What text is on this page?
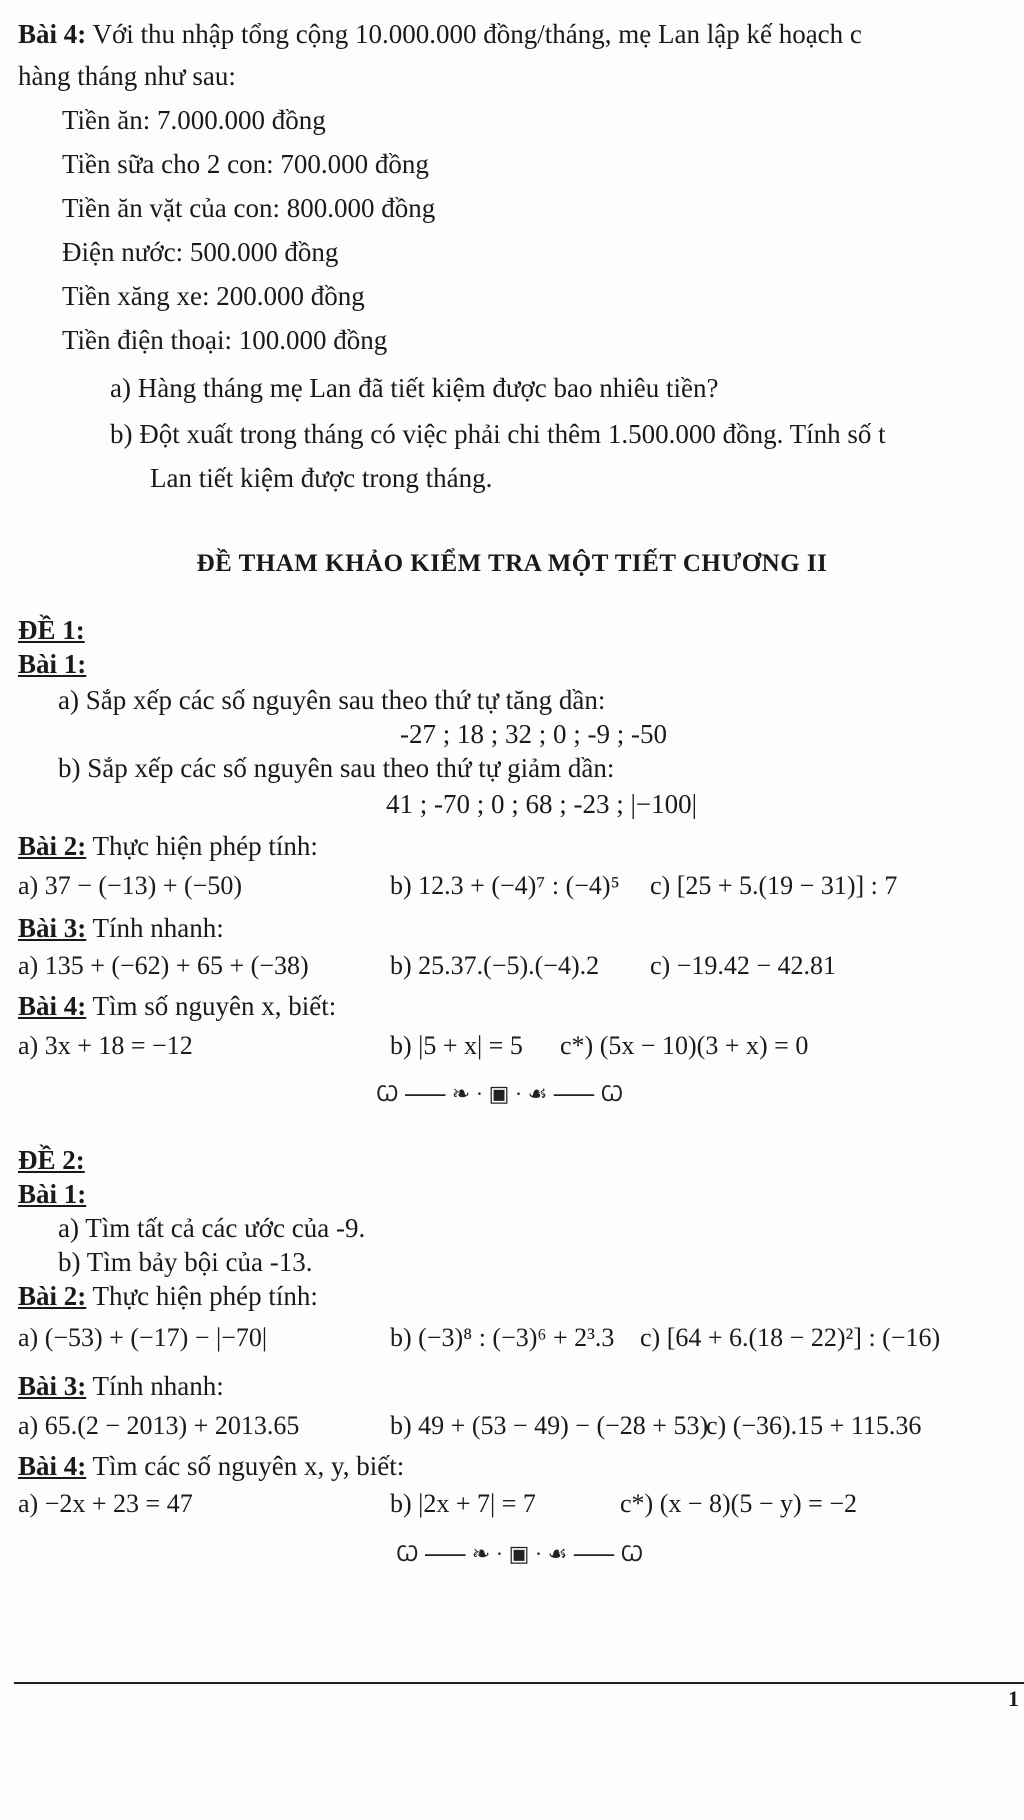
Bài 4: Với thu nhập tổng cộng 10.000.000 đồng/tháng, mẹ Lan lập kế hoạch c
hàng tháng như sau:
Tiền ăn: 7.000.000 đồng
Tiền sữa cho 2 con: 700.000 đồng
Tiền ăn vặt của con: 800.000 đồng
Điện nước: 500.000 đồng
Tiền xăng xe: 200.000 đồng
Tiền điện thoại: 100.000 đồng
a) Hàng tháng mẹ Lan đã tiết kiệm được bao nhiêu tiền?
b) Đột xuất trong tháng có việc phải chi thêm 1.500.000 đồng. Tính số t
Lan tiết kiệm được trong tháng.
ĐỀ THAM KHẢO KIỂM TRA MỘT TIẾT CHƯƠNG II
ĐỀ 1:
Bài 1:
a) Sắp xếp các số nguyên sau theo thứ tự tăng dần:
-27 ; 18 ; 32 ; 0 ; -9 ; -50
b) Sắp xếp các số nguyên sau theo thứ tự giảm dần:
41 ; -70 ; 0 ; 68 ; -23 ; |−100|
Bài 2: Thực hiện phép tính:
a) 37 − (−13) + (−50)	b) 12.3 + (−4)⁷ : (−4)⁵ c) [25 + 5.(19 − 31)] : 7
Bài 3: Tính nhanh:
a) 135 + (−62) + 65 + (−38)	b) 25.37.(−5).(−4).2 c) −19.42 − 42.81
Bài 4: Tìm số nguyên x, biết:
a) 3x + 18 = −12	b) |5 + x| = 5 c*) (5x − 10)(3 + x) = 0
Ꞷ ⸺ ❧ · ▣ · ☙ ⸺ Ꞷ
ĐỀ 2:
Bài 1:
a) Tìm tất cả các ước của -9.
b) Tìm bảy bội của -13.
Bài 2: Thực hiện phép tính:
a) (−53) + (−17) − |−70|	b) (−3)⁸ : (−3)⁶ + 2³.3 c) [64 + 6.(18 − 22)²] : (−16)
Bài 3: Tính nhanh:
a) 65.(2 − 2013) + 2013.65	b) 49 + (53 − 49) − (−28 + 53)
c) (−36).15 + 115.36
Bài 4: Tìm các số nguyên x, y, biết:
a) −2x + 23 = 47	b) |2x + 7| = 7	c*) (x − 8)(5 − y) = −2
Ꞷ ⸺ ❧ · ▣ · ☙ ⸺ Ꞷ
1
